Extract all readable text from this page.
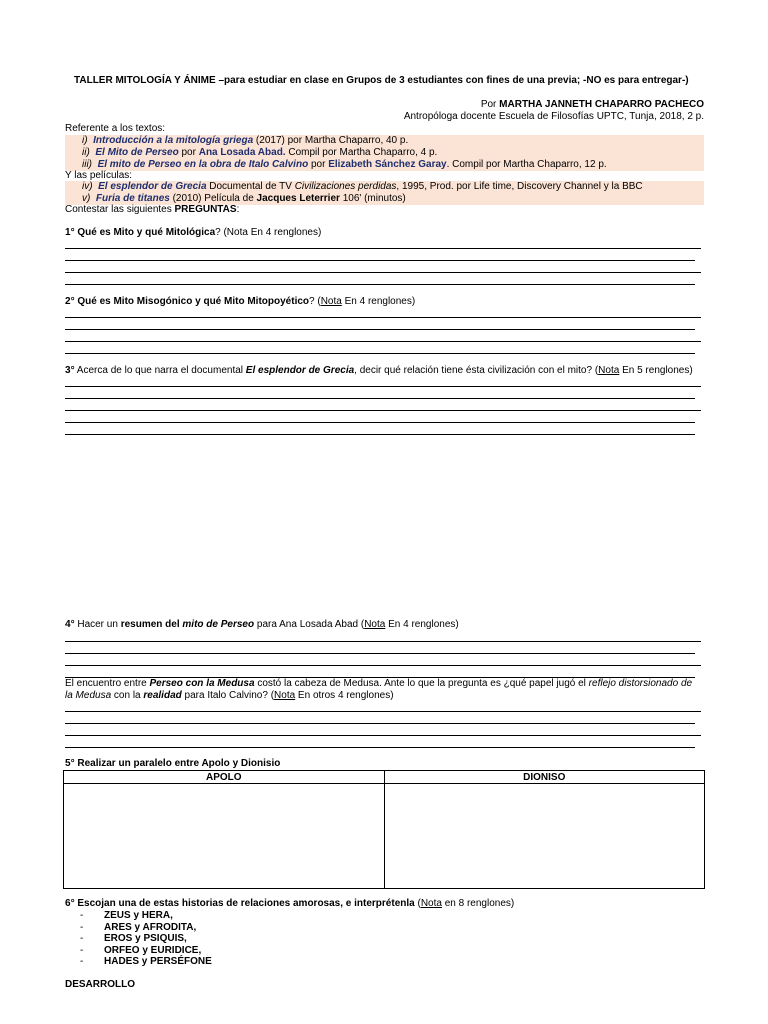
TALLER MITOLOGÍA Y ÁNIME –para estudiar en clase en Grupos de 3 estudiantes con fines de una previa; -NO es para entregar-)
Por MARTHA JANNETH CHAPARRO PACHECO
Antropóloga docente Escuela de Filosofías UPTC, Tunja, 2018, 2 p.
Referente a los textos:
i) Introducción a la mitología griega (2017) por Martha Chaparro, 40 p.
ii) El Mito de Perseo por Ana Losada Abad. Compil por Martha Chaparro, 4 p.
iii) El mito de Perseo en la obra de Italo Calvino por Elizabeth Sánchez Garay. Compil por Martha Chaparro, 12 p.
Y las películas:
iv) El esplendor de Grecia Documental de TV Civilizaciones perdidas, 1995, Prod. por Life time, Discovery Channel y la BBC
v) Furia de titanes (2010) Película de Jacques Leterrier 106' (minutos)
Contestar las siguientes PREGUNTAS:
1° Qué es Mito y qué Mitológica? (Nota En 4 renglones)
2° Qué es Mito Misogónico y qué Mito Mitopoyético? (Nota En 4 renglones)
3° Acerca de lo que narra el documental El esplendor de Grecia, decir qué relación tiene ésta civilización con el mito? (Nota En 5 renglones)
4° Hacer un resumen del mito de Perseo para Ana Losada Abad (Nota En 4 renglones)
El encuentro entre Perseo con la Medusa costó la cabeza de Medusa. Ante lo que la pregunta es ¿qué papel jugó el reflejo distorsionado de
la Medusa con la realidad para Italo Calvino? (Nota En otros 4 renglones)
5° Realizar un paralelo entre Apolo y Dionisio
APOLO	DIONISO

6° Escojan una de estas historias de relaciones amorosas, e interprétenla (Nota en 8 renglones)
- ZEUS y HERA,
- ARES y AFRODITA,
- EROS y PSIQUIS,
- ORFEO y EURIDICE,
- HADES y PERSÉFONE
DESARROLLO
